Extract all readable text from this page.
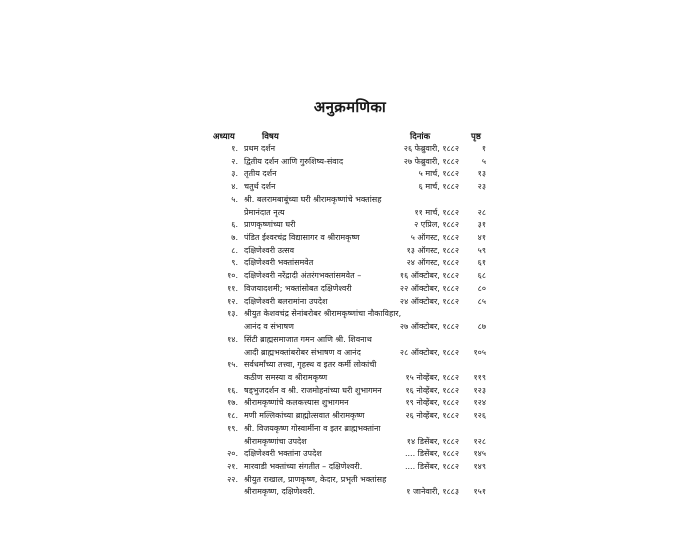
अनुक्रमणिका
अध्याय	विषय	दिनांक	पृष्ठ
१. प्रथम दर्शन	२६ फेब्रुवारी, १८८२	१
२. द्वितीय दर्शन आणि गुरुशिष्य-संवाद	२७ फेब्रुवारी, १८८२	५
३. तृतीय दर्शन	५ मार्च, १८८२	१३
४. चतुर्थ दर्शन	६ मार्च, १८८२	२३
५. श्री. बलरामबाबूंच्या घरी श्रीरामकृष्णांचे भक्तांसह
प्रेमानंदात नृत्य	११ मार्च, १८८२	२८
६. प्राणकृष्णांच्या घरी	२ एप्रिल, १८८२	३१
७. पंडित ईश्वरचंद्र विद्यासागर व श्रीरामकृष्ण	५ ऑगस्ट, १८८२	४१
८. दक्षिणेश्वरी उत्सव	१३ ऑगस्ट, १८८२	५९
९. दक्षिणेश्वरी भक्तांसमवेत	२४ ऑगस्ट, १८८२	६१
१०. दक्षिणेश्वरी नरेंद्रादी अंतरंगभक्तांसमवेत –	१६ ऑक्टोबर, १८८२	६८
११. विजयादशमी; भक्तांसोबत दक्षिणेश्वरी	२२ ऑक्टोबर, १८८२	८०
१२. दक्षिणेश्वरी बलरामांना उपदेश	२४ ऑक्टोबर, १८८२	८५
१३. श्रीयुत केशवचंद्र सेनांबरोबर श्रीरामकृष्णांचा नौकाविहार,
आनंद व संभाषण	२७ ऑक्टोबर, १८८२	८७
१४. सिंटी ब्राह्मसमाजात गमन आणि श्री. शिवनाथ
आदी ब्राह्मभक्तांबरोबर संभाषण व आनंद	२८ ऑक्टोबर, १८८२	१०५
१५. सर्वधर्मांच्या तत्त्वा, गृहस्थ व इतर कर्मी लोकांची
कठीण समस्या व श्रीरामकृष्ण	१५ नोव्हेंबर, १८८२	११९
१६. षड्भुजदर्शन व श्री. राजमोहनांच्या घरी शुभागमन	१६ नोव्हेंबर, १८८२	१२३
१७. श्रीरामकृष्णांचे कलकत्त्यास शुभागमन	१९ नोव्हेंबर, १८८२	१२४
१८. मणी मल्लिकांच्या ब्राह्मोत्सवात श्रीरामकृष्ण	२६ नोव्हेंबर, १८८२	१२६
१९. श्री. विजयकृष्ण गोस्वामींना व इतर ब्राह्मभक्तांना
श्रीरामकृष्णांचा उपदेश	१४ डिसेंबर, १८८२	१२८
२०. दक्षिणेश्वरी भक्तांना उपदेश	.... डिसेंबर, १८८२	१४५
२१. मारवाडी भक्तांच्या संगतीत – दक्षिणेश्वरी.	.... डिसेंबर, १८८२	१४९
२२. श्रीयुत राखाल, प्राणकृष्ण, केदार, प्रभृती भक्तांसह
श्रीरामकृष्ण, दक्षिणेश्वरी.	१ जानेवारी, १८८३	१५१
